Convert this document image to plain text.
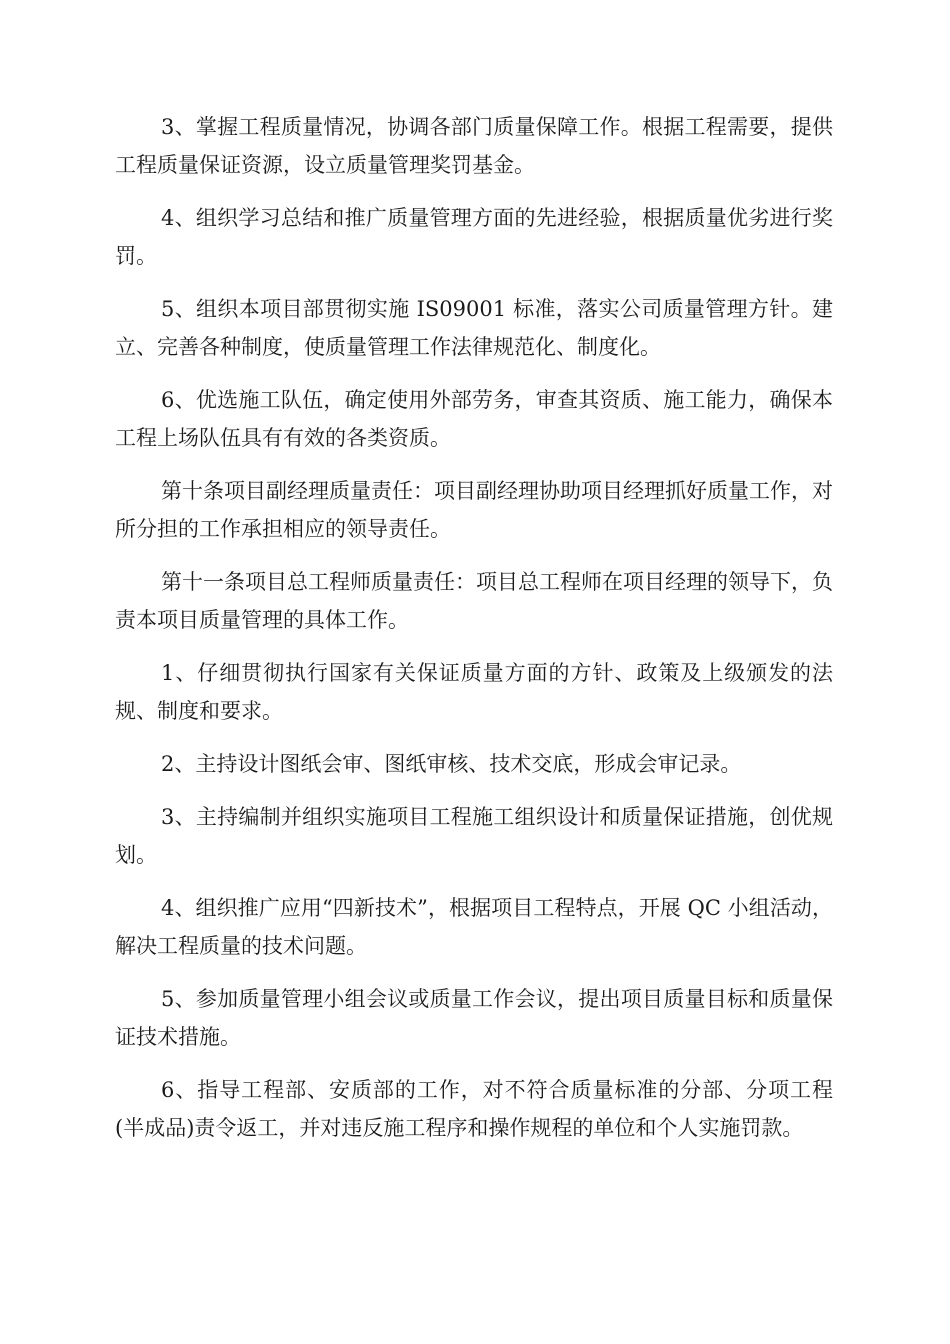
3、掌握工程质量情况，协调各部门质量保障工作。根据工程需要，提供工程质量保证资源，设立质量管理奖罚基金。

4、组织学习总结和推广质量管理方面的先进经验，根据质量优劣进行奖罚。

5、组织本项目部贯彻实施 IS09001 标准，落实公司质量管理方针。建立、完善各种制度，使质量管理工作法律规范化、制度化。

6、优选施工队伍，确定使用外部劳务，审查其资质、施工能力，确保本工程上场队伍具有有效的各类资质。

第十条项目副经理质量责任：项目副经理协助项目经理抓好质量工作，对所分担的工作承担相应的领导责任。

第十一条项目总工程师质量责任：项目总工程师在项目经理的领导下，负责本项目质量管理的具体工作。

1、仔细贯彻执行国家有关保证质量方面的方针、政策及上级颁发的法规、制度和要求。

2、主持设计图纸会审、图纸审核、技术交底，形成会审记录。

3、主持编制并组织实施项目工程施工组织设计和质量保证措施，创优规划。

4、组织推广应用“四新技术”，根据项目工程特点，开展 QC 小组活动，解决工程质量的技术问题。

5、参加质量管理小组会议或质量工作会议，提出项目质量目标和质量保证技术措施。

6、指导工程部、安质部的工作，对不符合质量标准的分部、分项工程(半成品)责令返工，并对违反施工程序和操作规程的单位和个人实施罚款。
